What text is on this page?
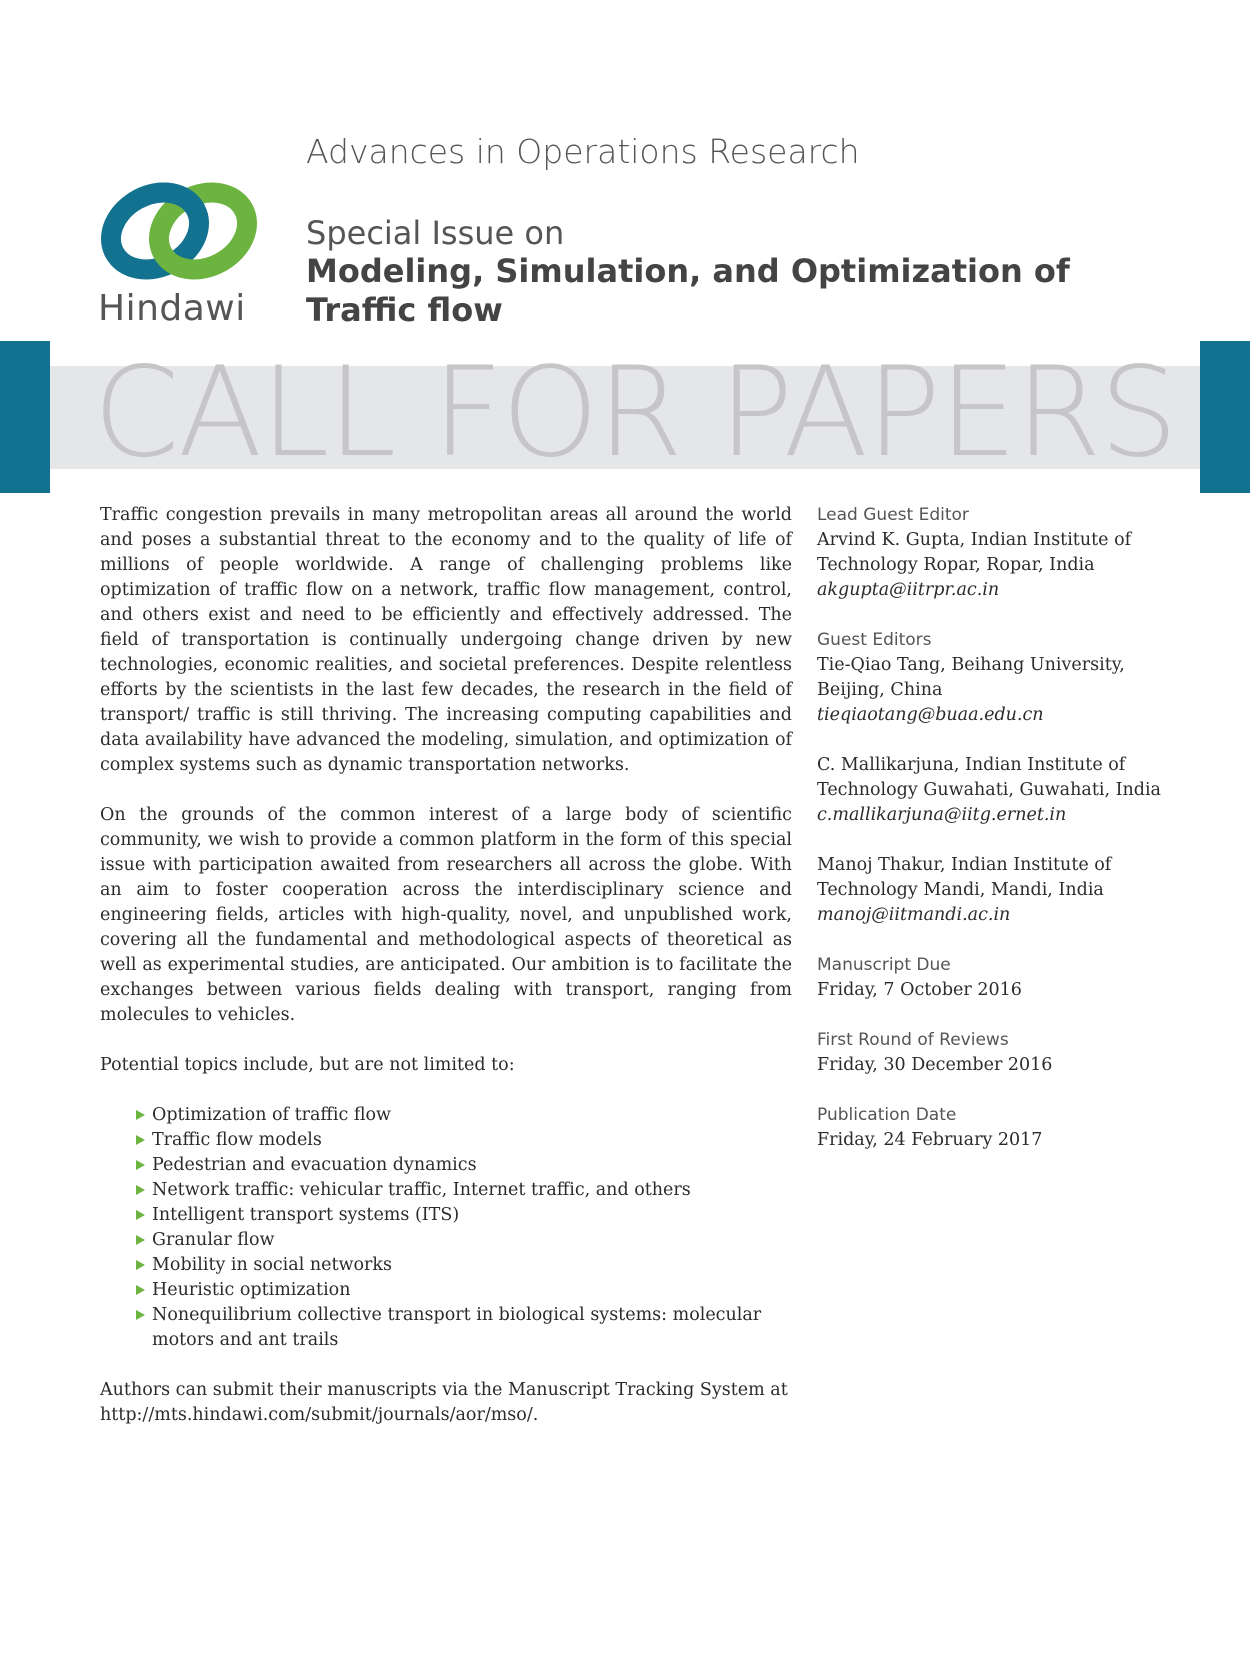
Hindawi
Advances in Operations Research
Special Issue on
Modeling, Simulation, and Optimization of Traffic flow
CALL FOR PAPERS

Traffic congestion prevails in many metropolitan areas all around the world and poses a substantial threat to the economy and to the quality of life of millions of people worldwide. A range of challenging problems like optimization of traffic flow on a network, traffic flow management, control, and others exist and need to be efficiently and effectively addressed. The field of transportation is continually undergoing change driven by new technologies, economic realities, and societal preferences. Despite relentless efforts by the scientists in the last few decades, the research in the field of transport/ traffic is still thriving. The increasing computing capabilities and data availability have advanced the modeling, simulation, and optimization of complex systems such as dynamic transportation networks.

On the grounds of the common interest of a large body of scientific community, we wish to provide a common platform in the form of this special issue with participation awaited from researchers all across the globe. With an aim to foster cooperation across the interdisciplinary science and engineering fields, articles with high-quality, novel, and unpublished work, covering all the fundamental and methodological aspects of theoretical as well as experimental studies, are anticipated. Our ambition is to facilitate the exchanges between various fields dealing with transport, ranging from molecules to vehicles.

Potential topics include, but are not limited to:

Optimization of traffic flow
Traffic flow models
Pedestrian and evacuation dynamics
Network traffic: vehicular traffic, Internet traffic, and others
Intelligent transport systems (ITS)
Granular flow
Mobility in social networks
Heuristic optimization
Nonequilibrium collective transport in biological systems: molecular motors and ant trails
Authors can submit their manuscripts via the Manuscript Tracking System at
http://mts.hindawi.com/submit/journals/aor/mso/.
Lead Guest Editor
Arvind K. Gupta, Indian Institute of
Technology Ropar, Ropar, India
akgupta@iitrpr.ac.in
Guest Editors
Tie-Qiao Tang, Beihang University,
Beijing, China
tieqiaotang@buaa.edu.cn
C. Mallikarjuna, Indian Institute of
Technology Guwahati, Guwahati, India
c.mallikarjuna@iitg.ernet.in
Manoj Thakur, Indian Institute of
Technology Mandi, Mandi, India
manoj@iitmandi.ac.in
Manuscript Due
Friday, 7 October 2016
First Round of Reviews
Friday, 30 December 2016
Publication Date
Friday, 24 February 2017
